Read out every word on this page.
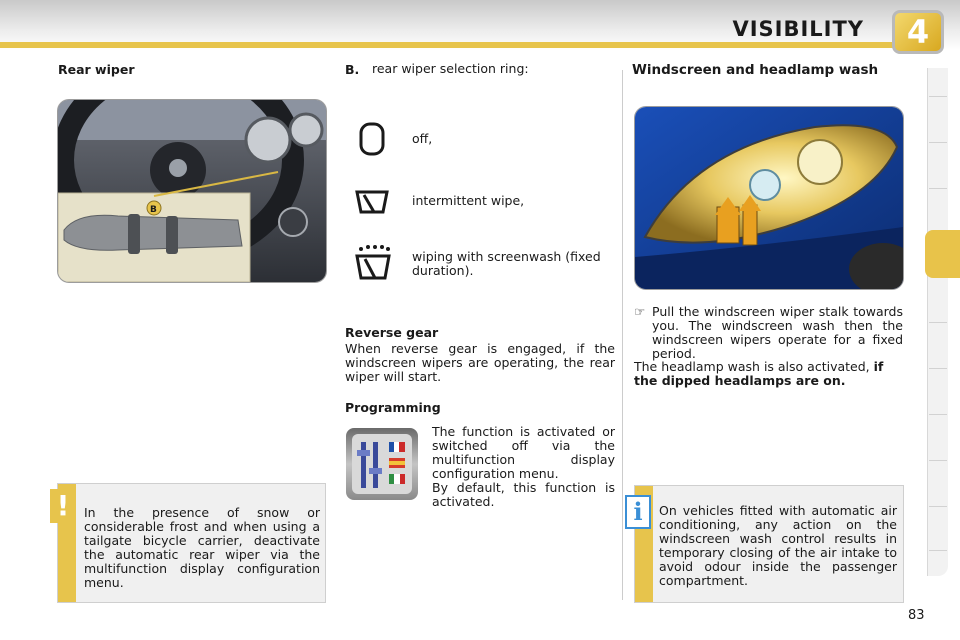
VISIBILITY	4
Rear wiper
B
In the presence of snow or considerable frost and when using a tailgate bicycle carrier, deactivate the automatic rear wiper via the multifunction display configuration menu.
!
B. rear wiper selection ring:
off,
intermittent wipe,
wiping with screenwash (fixed duration).
Reverse gear
When reverse gear is engaged, if the windscreen wipers are operating, the rear wiper will start.
Programming
The function is activated or switched off via the multifunction display configuration menu.
By default, this function is activated.
Windscreen and headlamp wash
☞ Pull the windscreen wiper stalk towards you. The windscreen wash then the windscreen wipers operate for a fixed period.
The headlamp wash is also activated, if the dipped headlamps are on.
On vehicles fitted with automatic air conditioning, any action on the windscreen wash control results in temporary closing of the air intake to avoid odour inside the passenger compartment.
i
83
